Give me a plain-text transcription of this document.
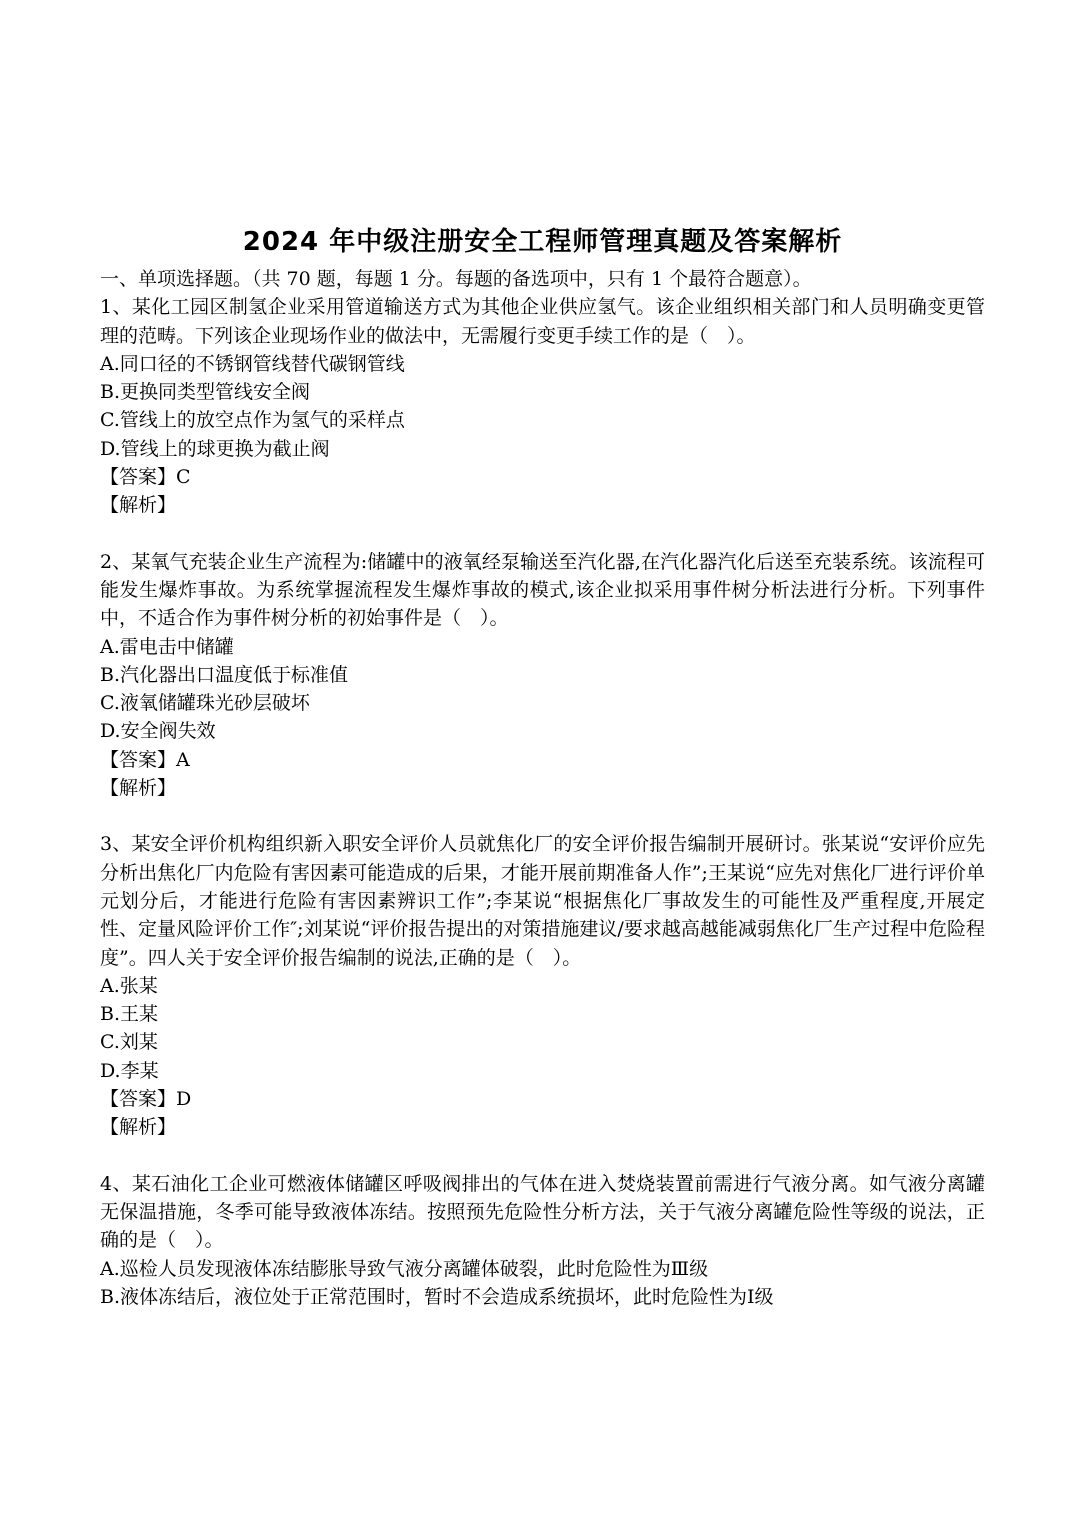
2024 年中级注册安全工程师管理真题及答案解析

一、单项选择题。（共 70 题，每题 1 分。每题的备选项中，只有 1 个最符合题意）。

1、某化工园区制氢企业采用管道输送方式为其他企业供应氢气。该企业组织相关部门和人员明确变更管理的范畴。下列该企业现场作业的做法中，无需履行变更手续工作的是（　）。

A.同口径的不锈钢管线替代碳钢管线

B.更换同类型管线安全阀

C.管线上的放空点作为氢气的采样点

D.管线上的球更换为截止阀

【答案】C

【解析】

2、某氧气充装企业生产流程为:储罐中的液氧经泵输送至汽化器,在汽化器汽化后送至充装系统。该流程可能发生爆炸事故。为系统掌握流程发生爆炸事故的模式,该企业拟采用事件树分析法进行分析。下列事件中，不适合作为事件树分析的初始事件是（　）。

A.雷电击中储罐

B.汽化器出口温度低于标准值

C.液氧储罐珠光砂层破坏

D.安全阀失效

【答案】A

【解析】

3、某安全评价机构组织新入职安全评价人员就焦化厂的安全评价报告编制开展研讨。张某说“安评价应先分析出焦化厂内危险有害因素可能造成的后果，才能开展前期准备人作”;王某说“应先对焦化厂进行评价单元划分后，才能进行危险有害因素辨识工作”;李某说“根据焦化厂事故发生的可能性及严重程度,开展定性、定量风险评价工作″;刘某说“评价报告提出的对策措施建议/要求越高越能减弱焦化厂生产过程中危险程度”。四人关于安全评价报告编制的说法,正确的是（　）。

A.张某

B.王某

C.刘某

D.李某

【答案】D

【解析】

4、某石油化工企业可燃液体储罐区呼吸阀排出的气体在进入焚烧装置前需进行气液分离。如气液分离罐无保温措施，冬季可能导致液体冻结。按照预先危险性分析方法，关于气液分离罐危险性等级的说法，正确的是（　）。

A.巡检人员发现液体冻结膨胀导致气液分离罐体破裂，此时危险性为Ⅲ级

B.液体冻结后，液位处于正常范围时，暂时不会造成系统损坏，此时危险性为Ⅰ级
